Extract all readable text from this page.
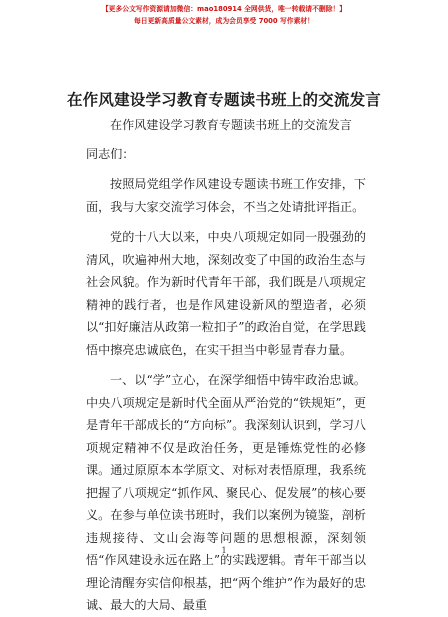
【更多公文写作资源请加微信：mao180914 全网供货，唯一转载请不删除！】
每日更新高质量公文素材，成为会员享受 7000 写作素材！
在作风建设学习教育专题读书班上的交流发言

在作风建设学习教育专题读书班上的交流发言

同志们：

按照局党组学作风建设专题读书班工作安排，下面，我与大家交流学习体会，不当之处请批评指正。

党的十八大以来，中央八项规定如同一股强劲的清风，吹遍神州大地，深刻改变了中国的政治生态与社会风貌。作为新时代青年干部，我们既是八项规定精神的践行者，也是作风建设新风的塑造者，必须以“扣好廉洁从政第一粒扣子”的政治自觉，在学思践悟中擦亮忠诚底色，在实干担当中彰显青春力量。

一、以“学”立心，在深学细悟中铸牢政治忠诚。中央八项规定是新时代全面从严治党的“铁规矩”，更是青年干部成长的“方向标”。我深刻认识到，学习八项规定精神不仅是政治任务，更是锤炼党性的必修课。通过原原本本学原文、对标对表悟原理，我系统把握了八项规定“抓作风、聚民心、促发展”的核心要义。在参与单位读书班时，我们以案例为镜鉴，剖析违规接待、文山会海等问题的思想根源，深刻领悟“作风建设永远在路上”的实践逻辑。青年干部当以理论清醒夯实信仰根基，把“两个维护”作为最好的忠诚、最大的大局、最重

1
